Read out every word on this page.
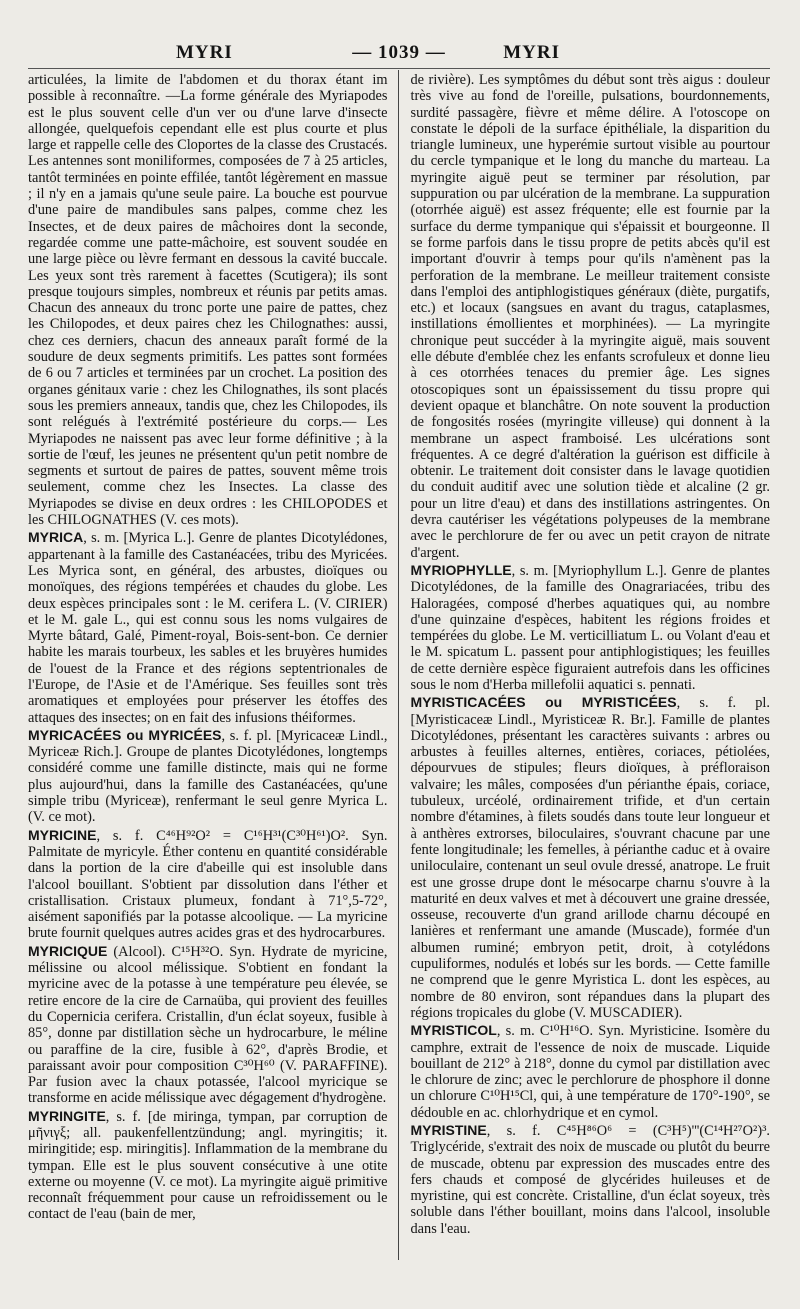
MYRI	— 1039 —	MYRI

articulées, la limite de l'abdomen et du thorax étant im possible à reconnaître. —La forme générale des Myriapodes est le plus souvent celle d'un ver ou d'une larve d'insecte allongée, quelquefois cependant elle est plus courte et plus large et rappelle celle des Cloportes de la classe des Crustacés. Les antennes sont moniliformes, composées de 7 à 25 articles, tantôt terminées en pointe effilée, tantôt légèrement en massue ; il n'y en a jamais qu'une seule paire. La bouche est pourvue d'une paire de mandibules sans palpes, comme chez les Insectes, et de deux paires de mâchoires dont la seconde, regardée comme une patte-mâchoire, est souvent soudée en une large pièce ou lèvre fermant en dessous la cavité buccale. Les yeux sont très rarement à facettes (Scutigera); ils sont presque toujours simples, nombreux et réunis par petits amas. Chacun des anneaux du tronc porte une paire de pattes, chez les Chilopodes, et deux paires chez les Chilognathes: aussi, chez ces derniers, chacun des anneaux paraît formé de la soudure de deux segments primitifs. Les pattes sont formées de 6 ou 7 articles et terminées par un crochet. La position des organes génitaux varie : chez les Chilognathes, ils sont placés sous les premiers anneaux, tandis que, chez les Chilopodes, ils sont relégués à l'extrémité postérieure du corps.— Les Myriapodes ne naissent pas avec leur forme définitive ; à la sortie de l'œuf, les jeunes ne présentent qu'un petit nombre de segments et surtout de paires de pattes, souvent même trois seulement, comme chez les Insectes. La classe des Myriapodes se divise en deux ordres : les CHILOPODES et les CHILOGNATHES (V. ces mots).

MYRICA, s. m. [Myrica L.]. Genre de plantes Dicotylédones, appartenant à la famille des Castanéacées, tribu des Myricées. Les Myrica sont, en général, des arbustes, dioïques ou monoïques, des régions tempérées et chaudes du globe. Les deux espèces principales sont : le M. cerifera L. (V. CIRIER) et le M. gale L., qui est connu sous les noms vulgaires de Myrte bâtard, Galé, Piment-royal, Bois-sent-bon. Ce dernier habite les marais tourbeux, les sables et les bruyères humides de l'ouest de la France et des régions septentrionales de l'Europe, de l'Asie et de l'Amérique. Ses feuilles sont très aromatiques et employées pour préserver les étoffes des attaques des insectes; on en fait des infusions théiformes.

MYRICACÉES ou MYRICÉES, s. f. pl. [Myricaceæ Lindl., Myriceæ Rich.]. Groupe de plantes Dicotylédones, longtemps considéré comme une famille distincte, mais qui ne forme plus aujourd'hui, dans la famille des Castanéacées, qu'une simple tribu (Myriceæ), renfermant le seul genre Myrica L. (V. ce mot).

MYRICINE, s. f. C⁴⁶H⁹²O² = C¹⁶H³¹(C³⁰H⁶¹)O². Syn. Palmitate de myricyle. Éther contenu en quantité considérable dans la portion de la cire d'abeille qui est insoluble dans l'alcool bouillant. S'obtient par dissolution dans l'éther et cristallisation. Cristaux plumeux, fondant à 71°,5-72°, aisément saponifiés par la potasse alcoolique. — La myricine brute fournit quelques autres acides gras et des hydrocarbures.

MYRICIQUE (Alcool). C¹⁵H³²O. Syn. Hydrate de myricine, mélissine ou alcool mélissique. S'obtient en fondant la myricine avec de la potasse à une température peu élevée, se retire encore de la cire de Carnaüba, qui provient des feuilles du Copernicia cerifera. Cristallin, d'un éclat soyeux, fusible à 85°, donne par distillation sèche un hydrocarbure, le méline ou paraffine de la cire, fusible à 62°, d'après Brodie, et paraissant avoir pour composition C³⁰H⁶⁰ (V. PARAFFINE). Par fusion avec la chaux potassée, l'alcool myricique se transforme en acide mélissique avec dégagement d'hydrogène.

MYRINGITE, s. f. [de miringa, tympan, par corruption de μῆνιγξ; all. paukenfellentzündung; angl. myringitis; it. miringitide; esp. miringitis]. Inflammation de la membrane du tympan. Elle est le plus souvent consécutive à une otite externe ou moyenne (V. ce mot). La myringite aiguë primitive reconnaît fréquemment pour cause un refroidissement ou le contact de l'eau (bain de mer,

de rivière). Les symptômes du début sont très aigus : douleur très vive au fond de l'oreille, pulsations, bourdonnements, surdité passagère, fièvre et même délire. A l'otoscope on constate le dépoli de la surface épithéliale, la disparition du triangle lumineux, une hyperémie surtout visible au pourtour du cercle tympanique et le long du manche du marteau. La myringite aiguë peut se terminer par résolution, par suppuration ou par ulcération de la membrane. La suppuration (otorrhée aiguë) est assez fréquente; elle est fournie par la surface du derme tympanique qui s'épaissit et bourgeonne. Il se forme parfois dans le tissu propre de petits abcès qu'il est important d'ouvrir à temps pour qu'ils n'amènent pas la perforation de la membrane. Le meilleur traitement consiste dans l'emploi des antiphlogistiques généraux (diète, purgatifs, etc.) et locaux (sangsues en avant du tragus, cataplasmes, instillations émollientes et morphinées). — La myringite chronique peut succéder à la myringite aiguë, mais souvent elle débute d'emblée chez les enfants scrofuleux et donne lieu à ces otorrhées tenaces du premier âge. Les signes otoscopiques sont un épaississement du tissu propre qui devient opaque et blanchâtre. On note souvent la production de fongosités rosées (myringite villeuse) qui donnent à la membrane un aspect framboisé. Les ulcérations sont fréquentes. A ce degré d'altération la guérison est difficile à obtenir. Le traitement doit consister dans le lavage quotidien du conduit auditif avec une solution tiède et alcaline (2 gr. pour un litre d'eau) et dans des instillations astringentes. On devra cautériser les végétations polypeuses de la membrane avec le perchlorure de fer ou avec un petit crayon de nitrate d'argent.

MYRIOPHYLLE, s. m. [Myriophyllum L.]. Genre de plantes Dicotylédones, de la famille des Onagrariacées, tribu des Haloragées, composé d'herbes aquatiques qui, au nombre d'une quinzaine d'espèces, habitent les régions froides et tempérées du globe. Le M. verticilliatum L. ou Volant d'eau et le M. spicatum L. passent pour antiphlogistiques; les feuilles de cette dernière espèce figuraient autrefois dans les officines sous le nom d'Herba millefolii aquatici s. pennati.

MYRISTICACÉES ou MYRISTICÉES, s. f. pl. [Myristicaceæ Lindl., Myristiceæ R. Br.]. Famille de plantes Dicotylédones, présentant les caractères suivants : arbres ou arbustes à feuilles alternes, entières, coriaces, pétiolées, dépourvues de stipules; fleurs dioïques, à préfloraison valvaire; les mâles, composées d'un périanthe épais, coriace, tubuleux, urcéolé, ordinairement trifide, et d'un certain nombre d'étamines, à filets soudés dans toute leur longueur et à anthères extrorses, biloculaires, s'ouvrant chacune par une fente longitudinale; les femelles, à périanthe caduc et à ovaire uniloculaire, contenant un seul ovule dressé, anatrope. Le fruit est une grosse drupe dont le mésocarpe charnu s'ouvre à la maturité en deux valves et met à découvert une graine dressée, osseuse, recouverte d'un grand arillode charnu découpé en lanières et renfermant une amande (Muscade), formée d'un albumen ruminé; embryon petit, droit, à cotylédons cupuliformes, nodulés et lobés sur les bords. — Cette famille ne comprend que le genre Myristica L. dont les espèces, au nombre de 80 environ, sont répandues dans la plupart des régions tropicales du globe (V. MUSCADIER).

MYRISTICOL, s. m. C¹⁰H¹⁶O. Syn. Myristicine. Isomère du camphre, extrait de l'essence de noix de muscade. Liquide bouillant de 212° à 218°, donne du cymol par distillation avec le chlorure de zinc; avec le perchlorure de phosphore il donne un chlorure C¹⁰H¹⁵Cl, qui, à une température de 170°-190°, se dédouble en ac. chlorhydrique et en cymol.

MYRISTINE, s. f. C⁴⁵H⁸⁶O⁶ = (C³H⁵)'''(C¹⁴H²⁷O²)³. Triglycéride, s'extrait des noix de muscade ou plutôt du beurre de muscade, obtenu par expression des muscades entre des fers chauds et composé de glycérides huileuses et de myristine, qui est concrète. Cristalline, d'un éclat soyeux, très soluble dans l'éther bouillant, moins dans l'alcool, insoluble dans l'eau.
